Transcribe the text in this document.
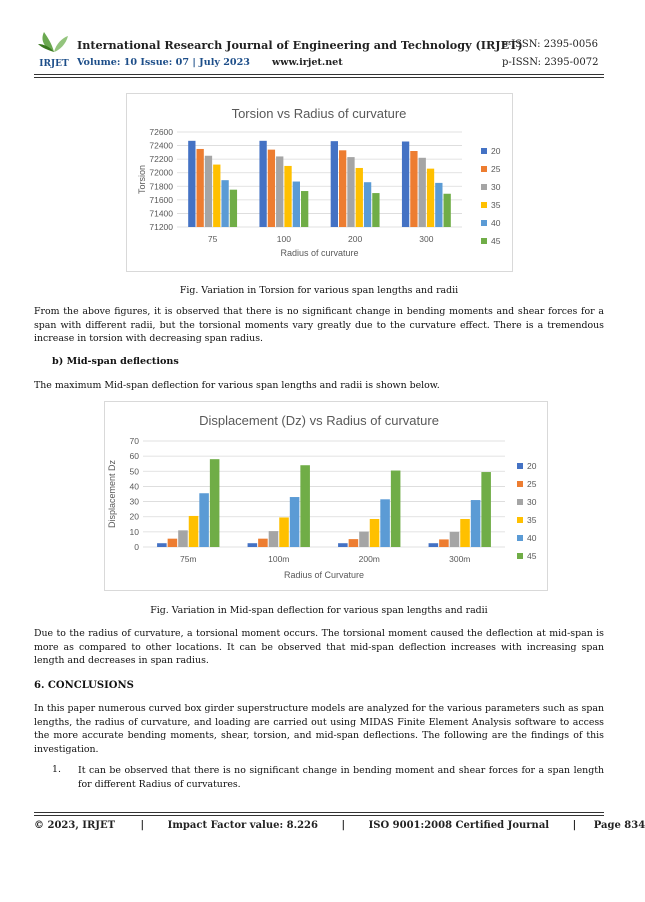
IRJET
International Research Journal of Engineering and Technology (IRJET)
e-ISSN: 2395-0056
Volume: 10 Issue: 07 | July 2023 www.irjet.net	p-ISSN: 2395-0072
Torsion vs Radius of curvature
71200
71400
71600
71800
72000
72200
72400
72600
Torsion
Radius of curvature
75	100	200	300
20
25
30
35
40
45
Fig. Variation in Torsion for various span lengths and radii
From the above figures, it is observed that there is no significant change in bending moments and shear forces for a span with different radii, but the torsional moments vary greatly due to the curvature effect. There is a tremendous increase in torsion with decreasing span radius.
b) Mid-span deflections
The maximum Mid-span deflection for various span lengths and radii is shown below.
Displacement (Dz) vs Radius of curvature
0
10
20
30
40
50
60
70
Displacement Dz
Radius of Curvature
75m	100m	200m	300m
20
25
30
35
40
45
Fig. Variation in Mid-span deflection for various span lengths and radii
Due to the radius of curvature, a torsional moment occurs. The torsional moment caused the deflection at mid-span is more as compared to other locations. It can be observed that mid-span deflection increases with increasing span length and decreases in span radius.
6. CONCLUSIONS
In this paper numerous curved box girder superstructure models are analyzed for the various parameters such as span lengths, the radius of curvature, and loading are carried out using MIDAS Finite Element Analysis software to access the more accurate bending moments, shear, torsion, and mid-span deflections. The following are the findings of this investigation.
1. It can be observed that there is no significant change in bending moment and shear forces for a span length for different Radius of curvatures.
© 2023, IRJET	| Impact Factor value: 8.226 | ISO 9001:2008 Certified Journal | Page 834
